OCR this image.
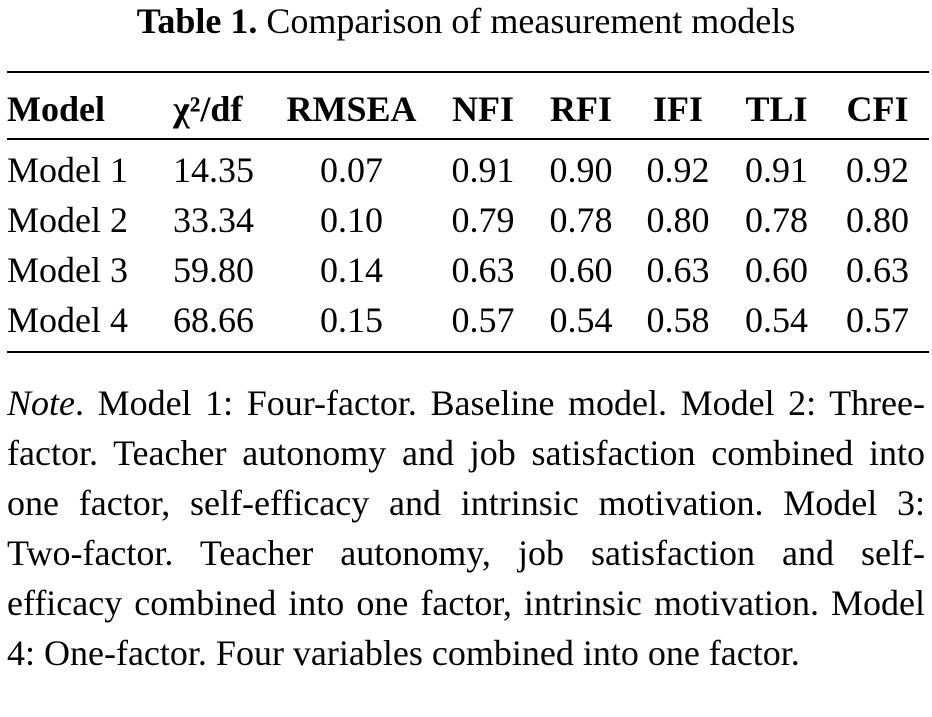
Table 1. Comparison of measurement models
Model	χ²/df	RMSEA	NFI	RFI	IFI	TLI	CFI
Model 1	14.35	0.07	0.91	0.90	0.92	0.91	0.92
Model 2	33.34	0.10	0.79	0.78	0.80	0.78	0.80
Model 3	59.80	0.14	0.63	0.60	0.63	0.60	0.63
Model 4	68.66	0.15	0.57	0.54	0.58	0.54	0.57
Note. Model 1: Four-factor. Baseline model. Model 2: Three-factor. Teacher autonomy and job satisfaction combined into one factor, self-efficacy and intrinsic motivation. Model 3: Two-factor. Teacher autonomy, job satisfaction and self-efficacy combined into one factor, intrinsic motivation. Model 4: One-factor. Four variables combined into one factor.
